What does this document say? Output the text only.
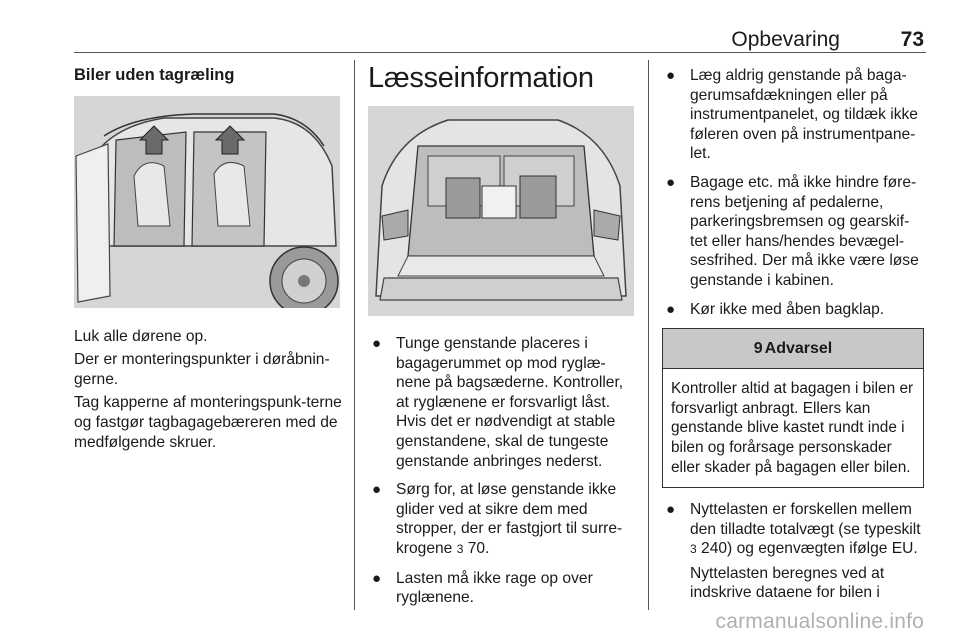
Opbevaring	73
Biler uden tagræling

Luk alle dørene op.

Der er monteringspunkter i døråbnin-gerne.

Tag kapperne af monteringspunk-terne og fastgør tagbagagebæreren med de medfølgende skruer.

Læsseinformation
● Tunge genstande placeres i bagagerummet op mod ryglæ-nene på bagsæderne. Kontroller, at ryglænene er forsvarligt låst. Hvis det er nødvendigt at stable genstandene, skal de tungeste genstande anbringes nederst.
● Sørg for, at løse genstande ikke glider ved at sikre dem med stropper, der er fastgjort til surre-krogene 3 70.
● Lasten må ikke rage op over ryglænene.
● Læg aldrig genstande på baga-gerumsafdækningen eller på instrumentpanelet, og tildæk ikke føleren oven på instrumentpane-let.
● Bagage etc. må ikke hindre føre-rens betjening af pedalerne, parkeringsbremsen og gearskif-tet eller hans/hendes bevægel-sesfrihed. Der må ikke være løse genstande i kabinen.
● Kør ikke med åben bagklap.
9 Advarsel
Kontroller altid at bagagen i bilen er forsvarligt anbragt. Ellers kan genstande blive kastet rundt inde i bilen og forårsage personskader eller skader på bagagen eller bilen.
● Nyttelasten er forskellen mellem den tilladte totalvægt (se typeskilt 3 240) og egenvægten ifølge EU.

Nyttelasten beregnes ved at indskrive dataene for bilen i

carmanualsonline.info
